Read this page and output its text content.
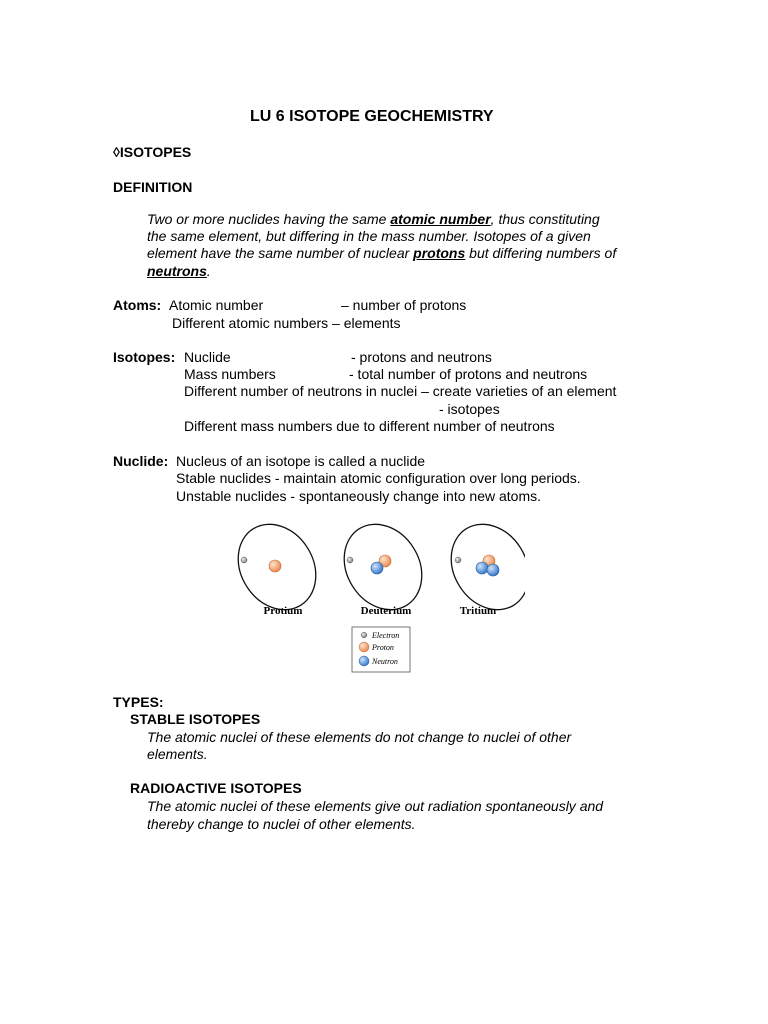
LU 6 ISOTOPE GEOCHEMISTRY
◊ISOTOPES
DEFINITION
Two or more nuclides having the same atomic number, thus constituting
the same element, but differing in the mass number. Isotopes of a given
element have the same number of nuclear protons but differing numbers of
neutrons.
Atoms: Atomic number	– number of protons
Different atomic numbers – elements
Isotopes: Nuclide	- protons and neutrons
Mass numbers	- total number of protons and neutrons
Different number of neutrons in nuclei – create varieties of an element
- isotopes
Different mass numbers due to different number of neutrons
Nuclide: Nucleus of an isotope is called a nuclide
Stable nuclides - maintain atomic configuration over long periods.
Unstable nuclides - spontaneously change into new atoms.
Protium	Deuterium	Tritium
Electron
Proton
Neutron
TYPES:
STABLE ISOTOPES
The atomic nuclei of these elements do not change to nuclei of other
elements.
RADIOACTIVE ISOTOPES
The atomic nuclei of these elements give out radiation spontaneously and
thereby change to nuclei of other elements.
